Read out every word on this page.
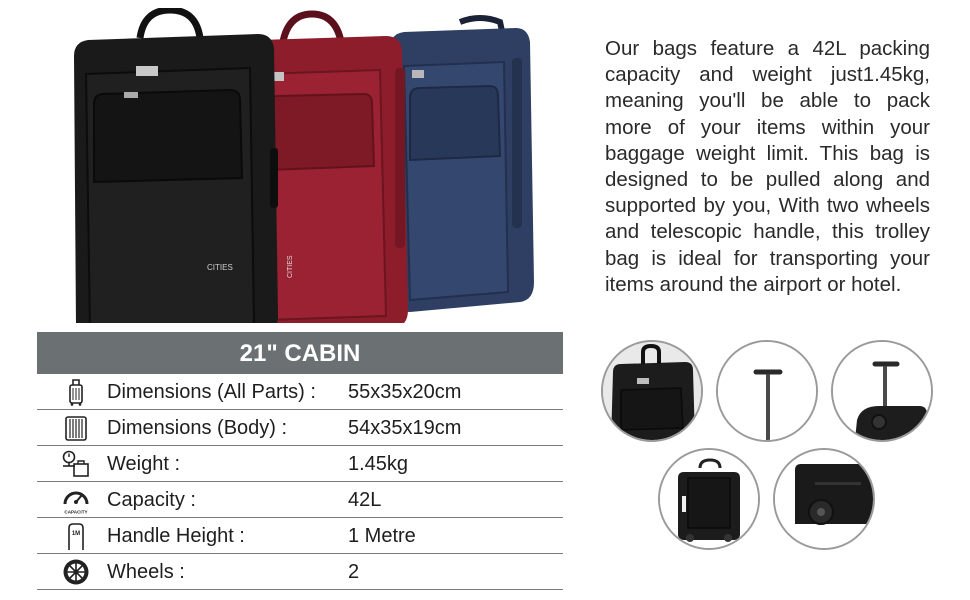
CITIES
CITIES

Our bags feature a 42L packing capacity and weight just1.45kg, meaning you'll be able to pack more of your items within your baggage weight limit. This bag is designed to be pulled along and supported by you, With two wheels and telescopic handle, this trolley bag is ideal for transporting your items around the airport or hotel.

21" CABIN
Dimensions (All Parts) : 55x35x20cm
Dimensions (Body) :	54x35x19cm
Weight :	1.45kg
CAPACITY
Capacity :	42L
1M Handle Height :	1 Metre
Wheels :	2
